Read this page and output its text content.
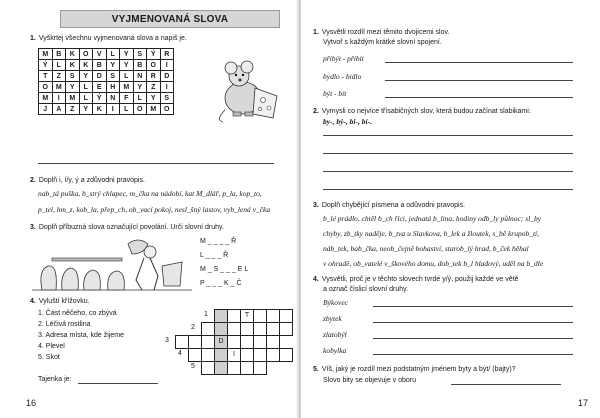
VYJMENOVANÁ SLOVA
1. Vyškrtej všechnu vyjmenovaná slova a napiš je.
M	B	K	O	V	L	Y	S	Ý	R
Ý	L	K	K	B	Y	Y	B	O	I
T	Z	S	Y	D	S	L	N	R	D
O	M	Y	L	E	H	M	Y	Z	I
M	I	M	L	Ý	N	F	L	Y	S
J	A	Z	Y	K	I	L	O	M	O
2. Doplň i, í/y, ý a zdůvodni pravopis.
nab_tá puška, b_strý chlapec, m_čka na nádobí, kat M_dlář, p_la, kop_to,
p_tel, hm_z, kob_la, přep_ch, ob_vací pokoj, nesl_šný lastov, vyb_lená v_čka
3. Doplň příbuzná slova označující povolání. Urči slovní druhy.
M _ _ _ _ Ř
L _ _ _ Ř
M _ S _ _ _ E L
P _ _ _ K _ Č
4. Vyluští křížovku.
1. Část něčeho, co zbývá
2. Léčivá rostlina
3. Adresa místa, kde žijeme
4. Plevel
5. Skot
1	T
2
3	D
4	I
5
Tajenka je:
16
1. Vysvětli rozdíl mezi těmito dvojicemi slov.
Vytvoř s každým krátké slovní spojení.
přibýt - přibít
bydlo - bidlo
být - bít
2. Vymysli co nejvíce třísabičných slov, která budou začínat slabikami:
by-, bý-, bi-, bí-.
3. Doplň chybějící písmena a odůvodni pravopis.
b_lé prádlo, chtěl b_ch říci, jednatá b_lina, hodiny odb_ly půlnoc; sl_by
chyby, zb_tky naděje, b_tva u Slavkova, b_lek a žloutek, s_bě krupob_tí,
náb_tek, bab_čka, neob_čejně bohaství, starob_lý hrad, b_ček běhal
v ohradě, ob_vatelé v_škového domu, dob_tek b_l hladový, uděl na b_dle
4. Vysvětli, proč je v těchto slovech tvrdé y/ý, použij každé ve větě
a označ číslicí slovní druhy.
Býkovec
zbytek
zlatobýl
kobylka
5. Víš, jaký je rozdíl mezi podstatným jménem byty a být/ (bajty)?
Slovo bity se objevuje v oboru
17
